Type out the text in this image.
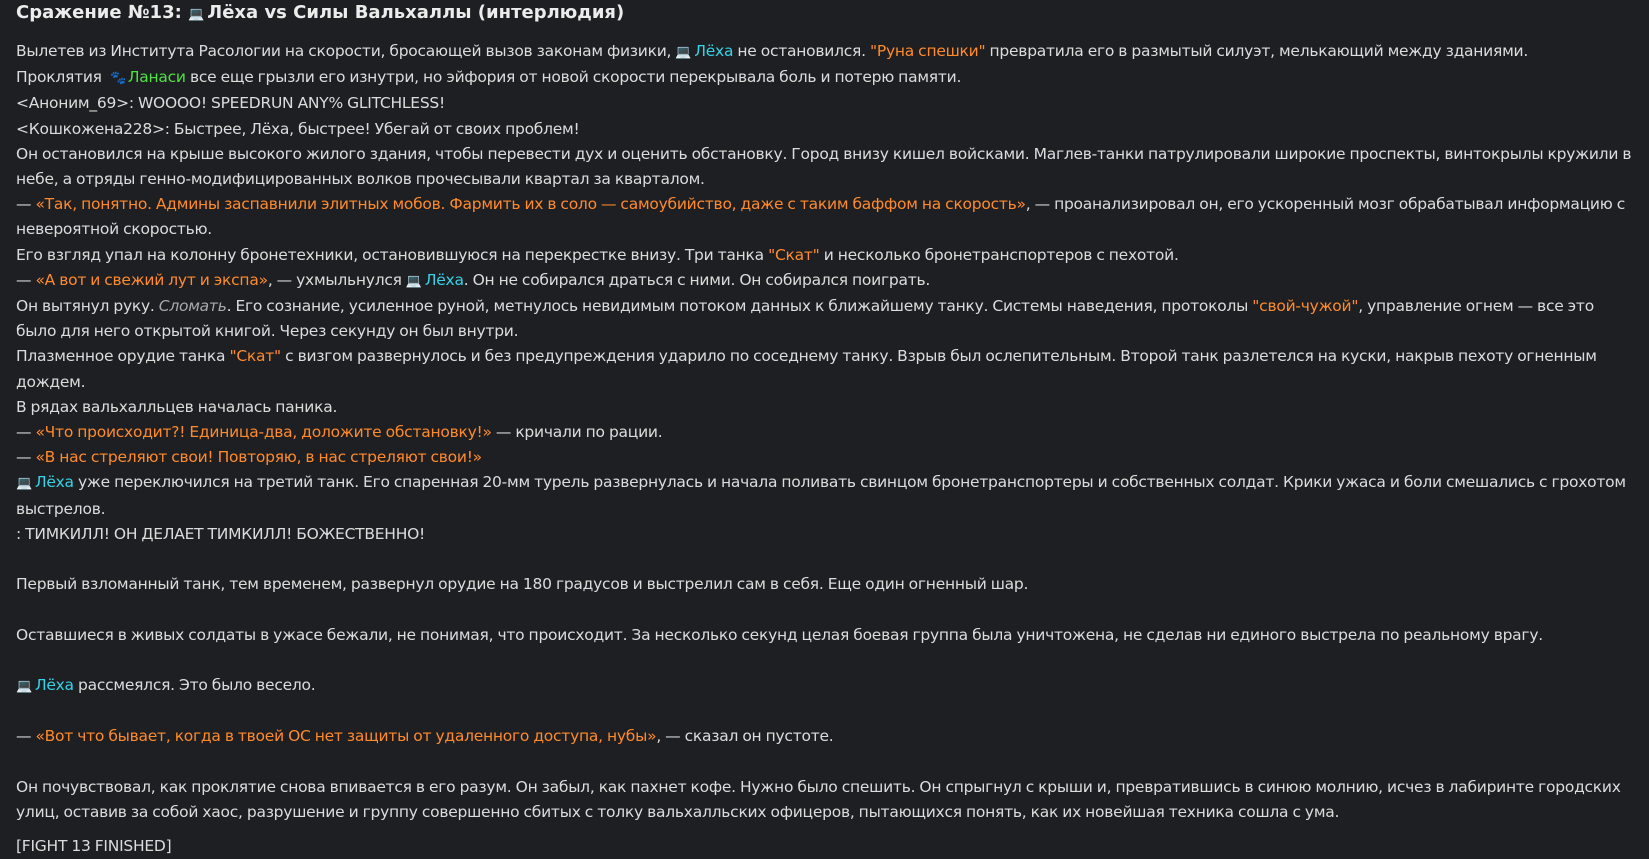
Сражение №13: 💻 Лёха vs Силы Вальхаллы (интерлюдия)

Вылетев из Института Расологии на скорости, бросающей вызов законам физики, 💻 Лёха не остановился. "Руна спешки" превратила его в размытый силуэт, мелькающий между зданиями.

Проклятия 🐾 Ланаси все еще грызли его изнутри, но эйфория от новой скорости перекрывала боль и потерю памяти.

<Аноним_69>: WOOOO! SPEEDRUN ANY% GLITCHLESS!

<Кошкожена228>: Быстрее, Лёха, быстрее! Убегай от своих проблем!

Он остановился на крыше высокого жилого здания, чтобы перевести дух и оценить обстановку. Город внизу кишел войсками. Маглев-танки патрулировали широкие проспекты, винтокрылы кружили в небе, а отряды генно-модифицированных волков прочесывали квартал за кварталом.

— «Так, понятно. Админы заспавнили элитных мобов. Фармить их в соло — самоубийство, даже с таким баффом на скорость», — проанализировал он, его ускоренный мозг обрабатывал информацию с невероятной скоростью.

Его взгляд упал на колонну бронетехники, остановившуюся на перекрестке внизу. Три танка "Скат" и несколько бронетранспортеров с пехотой.

— «А вот и свежий лут и экспа», — ухмыльнулся 💻 Лёха. Он не собирался драться с ними. Он собирался поиграть.

Он вытянул руку. Сломать. Его сознание, усиленное руной, метнулось невидимым потоком данных к ближайшему танку. Системы наведения, протоколы "свой-чужой", управление огнем — все это было для него открытой книгой. Через секунду он был внутри.

Плазменное орудие танка "Скат" с визгом развернулось и без предупреждения ударило по соседнему танку. Взрыв был ослепительным. Второй танк разлетелся на куски, накрыв пехоту огненным дождем.

В рядах вальхалльцев началась паника.

— «Что происходит?! Единица-два, доложите обстановку!» — кричали по рации.

— «В нас стреляют свои! Повторяю, в нас стреляют свои!»

💻 Лёха уже переключился на третий танк. Его спаренная 20-мм турель развернулась и начала поливать свинцом бронетранспортеры и собственных солдат. Крики ужаса и боли смешались с грохотом выстрелов.

: ТИМКИЛЛ! ОН ДЕЛАЕТ ТИМКИЛЛ! БОЖЕСТВЕННО!

Первый взломанный танк, тем временем, развернул орудие на 180 градусов и выстрелил сам в себя. Еще один огненный шар.

Оставшиеся в живых солдаты в ужасе бежали, не понимая, что происходит. За несколько секунд целая боевая группа была уничтожена, не сделав ни единого выстрела по реальному врагу.

💻 Лёха рассмеялся. Это было весело.

— «Вот что бывает, когда в твоей ОС нет защиты от удаленного доступа, нубы», — сказал он пустоте.

Он почувствовал, как проклятие снова впивается в его разум. Он забыл, как пахнет кофе. Нужно было спешить. Он спрыгнул с крыши и, превратившись в синюю молнию, исчез в лабиринте городских улиц, оставив за собой хаос, разрушение и группу совершенно сбитых с толку вальхалльских офицеров, пытающихся понять, как их новейшая техника сошла с ума.

[FIGHT 13 FINISHED]
